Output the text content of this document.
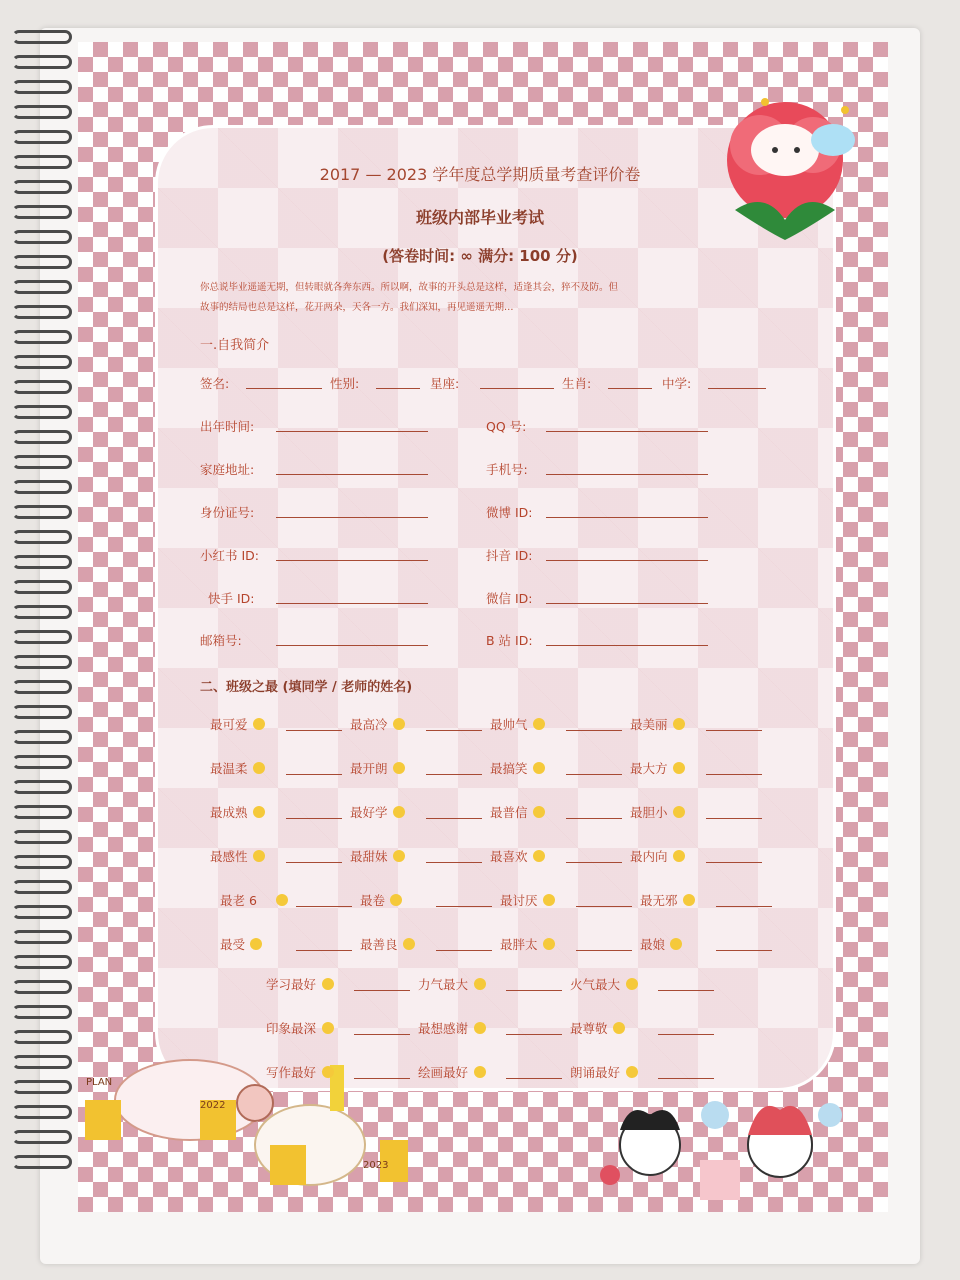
PLAN
2022
2023
2017 — 2023 学年度总学期质量考查评价卷
班级内部毕业考试
(答卷时间: ∞ 满分: 100 分)
你总说毕业遥遥无期，但转眼就各奔东西。所以啊，故事的开头总是这样，适逢其会，猝不及防。但
故事的结局也总是这样，花开两朵，天各一方。我们深知，再见遥遥无期…
一.自我简介
签名:	性别:	星座:	生肖:	中学:
出年时间:	QQ 号:
家庭地址:	手机号:
身份证号:	微博 ID:
小红书 ID:	抖音 ID:
快手 ID:	微信 ID:
邮箱号:	B 站 ID:
二、班级之最 (填同学 / 老师的姓名)
最可爱	最高冷	最帅气	最美丽
最温柔	最开朗	最搞笑	最大方
最成熟	最好学	最普信	最胆小
最感性	最甜妹	最喜欢	最内向
最老 6	最卷	最讨厌	最无邪
最受	最善良	最胖太	最娘
学习最好	力气最大	火气最大
印象最深	最想感谢	最尊敬
写作最好	绘画最好	朗诵最好
